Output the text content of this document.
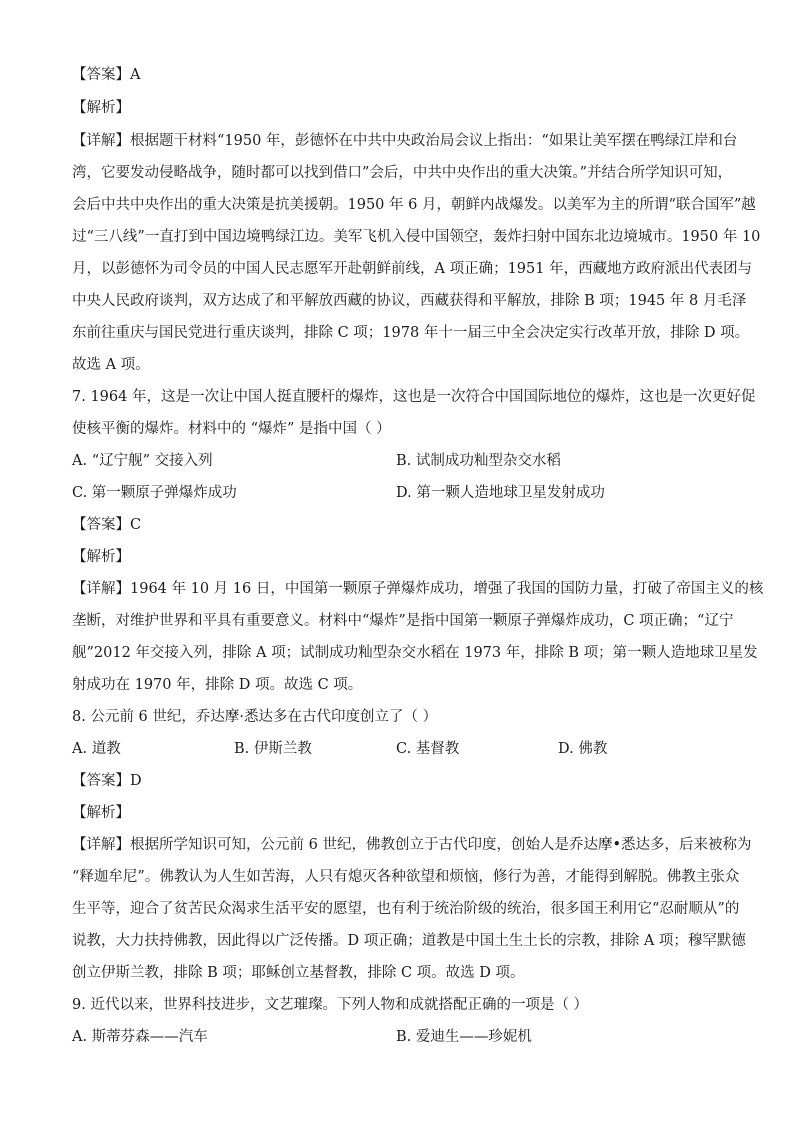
【答案】A
【解析】
【详解】根据题干材料“1950 年，彭德怀在中共中央政治局会议上指出：“如果让美军摆在鸭绿江岸和台
湾，它要发动侵略战争，随时都可以找到借口”会后，中共中央作出的重大决策。”并结合所学知识可知，
会后中共中央作出的重大决策是抗美援朝。1950 年 6 月，朝鲜内战爆发。以美军为主的所谓“联合国军”越
过“三八线”一直打到中国边境鸭绿江边。美军飞机入侵中国领空，轰炸扫射中国东北边境城市。1950 年 10
月，以彭德怀为司令员的中国人民志愿军开赴朝鲜前线，A 项正确；1951 年，西藏地方政府派出代表团与
中央人民政府谈判，双方达成了和平解放西藏的协议，西藏获得和平解放，排除 B 项；1945 年 8 月毛泽
东前往重庆与国民党进行重庆谈判，排除 C 项；1978 年十一届三中全会决定实行改革开放，排除 D 项。
故选 A 项。
7. 1964 年，这是一次让中国人挺直腰杆的爆炸，这也是一次符合中国国际地位的爆炸，这也是一次更好促
使核平衡的爆炸。材料中的 “爆炸” 是指中国（ ）
A. “辽宁舰” 交接入列	B. 试制成功籼型杂交水稻
C. 第一颗原子弹爆炸成功	D. 第一颗人造地球卫星发射成功
【答案】C
【解析】
【详解】1964 年 10 月 16 日，中国第一颗原子弹爆炸成功，增强了我国的国防力量，打破了帝国主义的核
垄断，对维护世界和平具有重要意义。材料中“爆炸”是指中国第一颗原子弹爆炸成功，C 项正确；“辽宁
舰”2012 年交接入列，排除 A 项；试制成功籼型杂交水稻在 1973 年，排除 B 项；第一颗人造地球卫星发
射成功在 1970 年，排除 D 项。故选 C 项。
8. 公元前 6 世纪，乔达摩·悉达多在古代印度创立了（ ）
A. 道教	B. 伊斯兰教	C. 基督教	D. 佛教
【答案】D
【解析】
【详解】根据所学知识可知，公元前 6 世纪，佛教创立于古代印度，创始人是乔达摩•悉达多，后来被称为
“释迦牟尼”。佛教认为人生如苦海，人只有熄灭各种欲望和烦恼，修行为善，才能得到解脱。佛教主张众
生平等，迎合了贫苦民众渴求生活平安的愿望，也有利于统治阶级的统治，很多国王利用它“忍耐顺从”的
说教，大力扶持佛教，因此得以广泛传播。D 项正确；道教是中国土生土长的宗教，排除 A 项；穆罕默德
创立伊斯兰教，排除 B 项；耶稣创立基督教，排除 C 项。故选 D 项。
9. 近代以来，世界科技进步，文艺璀璨。下列人物和成就搭配正确的一项是（ ）
A. 斯蒂芬森——汽车	B. 爱迪生——珍妮机
